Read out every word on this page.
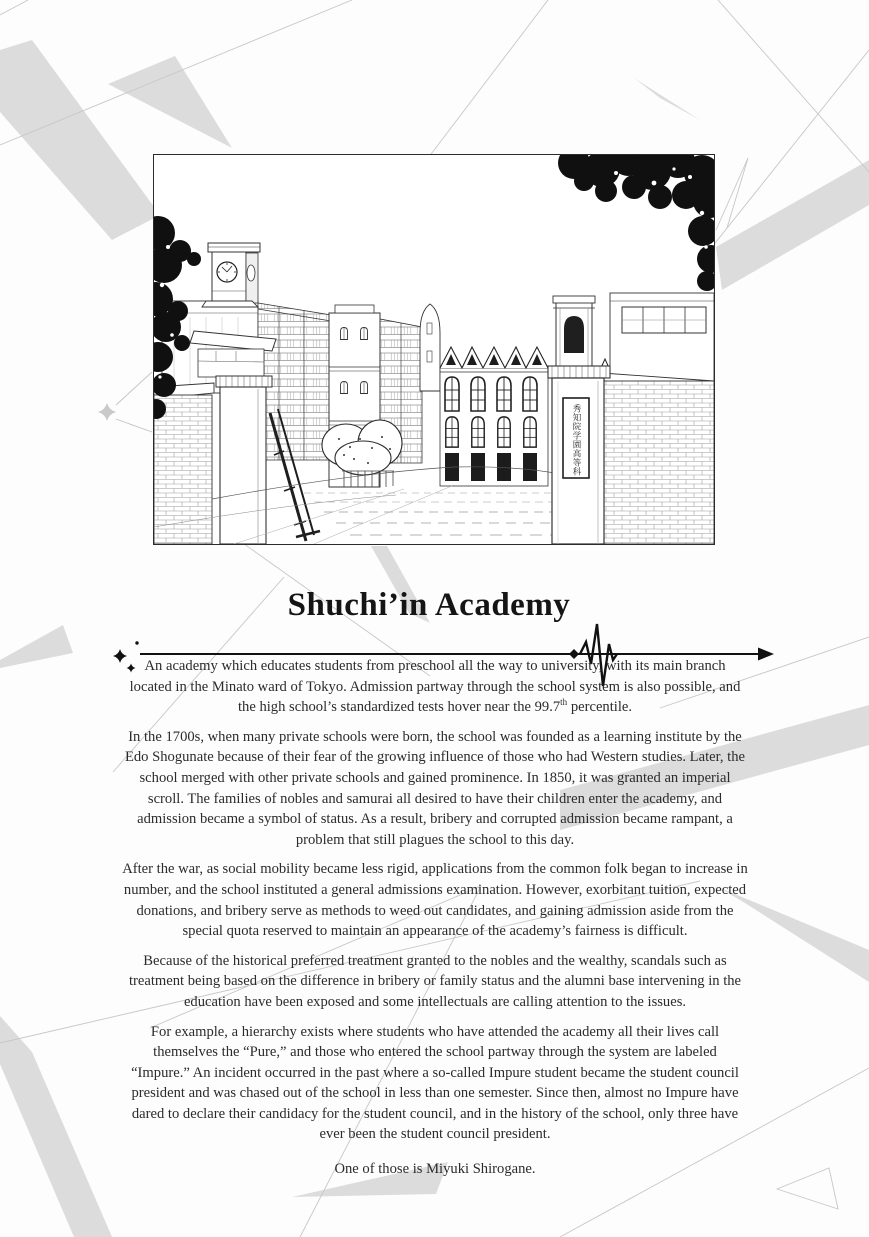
秀知院学園高等科
Shuchi’in Academy

An academy which educates students from preschool all the way to university, with its main branch located in the Minato ward of Tokyo. Admission partway through the school system is also possible, and the high school’s standardized tests hover near the 99.7th percentile.

In the 1700s, when many private schools were born, the school was founded as a learning institute by the Edo Shogunate because of their fear of the growing influence of those who had Western studies. Later, the school merged with other private schools and gained prominence. In 1850, it was granted an imperial scroll. The families of nobles and samurai all desired to have their children enter the academy, and admission became a symbol of status. As a result, bribery and corrupted admission became rampant, a problem that still plagues the school to this day.

After the war, as social mobility became less rigid, applications from the common folk began to increase in number, and the school instituted a general admissions examination. However, exorbitant tuition, expected donations, and bribery serve as methods to weed out candidates, and gaining admission aside from the special quota reserved to maintain an appearance of the academy’s fairness is difficult.

Because of the historical preferred treatment granted to the nobles and the wealthy, scandals such as treatment being based on the difference in bribery or family status and the alumni base intervening in the education have been exposed and some intellectuals are calling attention to the issues.

For example, a hierarchy exists where students who have attended the academy all their lives call themselves the “Pure,” and those who entered the school partway through the system are labeled “Impure.” An incident occurred in the past where a so-called Impure student became the student council president and was chased out of the school in less than one semester. Since then, almost no Impure have dared to declare their candidacy for the student council, and in the history of the school, only three have ever been the student council president.

One of those is Miyuki Shirogane.
